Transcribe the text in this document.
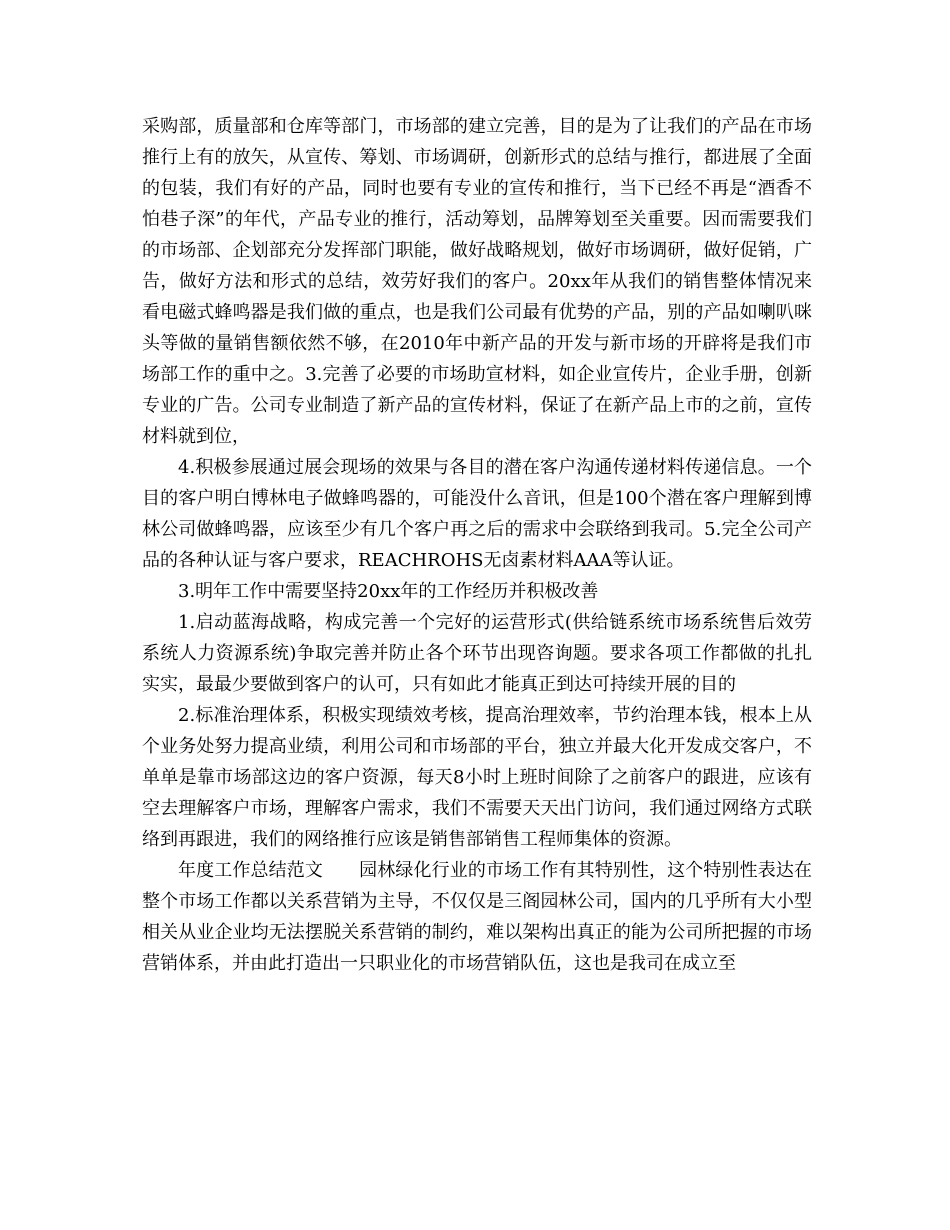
采购部，质量部和仓库等部门，市场部的建立完善，目的是为了让我们的产品在市场推行上有的放矢，从宣传、筹划、市场调研，创新形式的总结与推行，都进展了全面的包装，我们有好的产品，同时也要有专业的宣传和推行，当下已经不再是“酒香不怕巷子深”的年代，产品专业的推行，活动筹划，品牌筹划至关重要。因而需要我们的市场部、企划部充分发挥部门职能，做好战略规划，做好市场调研，做好促销，广告，做好方法和形式的总结，效劳好我们的客户。20xx年从我们的销售整体情况来看电磁式蜂鸣器是我们做的重点，也是我们公司最有优势的产品，别的产品如喇叭咪头等做的量销售额依然不够，在2010年中新产品的开发与新市场的开辟将是我们市场部工作的重中之。3.完善了必要的市场助宣材料，如企业宣传片，企业手册，创新专业的广告。公司专业制造了新产品的宣传材料，保证了在新产品上市的之前，宣传材料就到位，

4.积极参展通过展会现场的效果与各目的潜在客户沟通传递材料传递信息。一个目的客户明白博林电子做蜂鸣器的，可能没什么音讯，但是100个潜在客户理解到博林公司做蜂鸣器，应该至少有几个客户再之后的需求中会联络到我司。5.完全公司产品的各种认证与客户要求，REACHROHS无卤素材料AAA等认证。

3.明年工作中需要坚持20xx年的工作经历并积极改善

1.启动蓝海战略，构成完善一个完好的运营形式(供给链系统市场系统售后效劳系统人力资源系统)争取完善并防止各个环节出现咨询题。要求各项工作都做的扎扎实实，最最少要做到客户的认可，只有如此才能真正到达可持续开展的目的

2.标准治理体系，积极实现绩效考核，提高治理效率，节约治理本钱，根本上从个业务处努力提高业绩，利用公司和市场部的平台，独立并最大化开发成交客户，不单单是靠市场部这边的客户资源，每天8小时上班时间除了之前客户的跟进，应该有空去理解客户市场，理解客户需求，我们不需要天天出门访问，我们通过网络方式联络到再跟进，我们的网络推行应该是销售部销售工程师集体的资源。

年度工作总结范文　　园林绿化行业的市场工作有其特别性，这个特别性表达在整个市场工作都以关系营销为主导，不仅仅是三阁园林公司，国内的几乎所有大小型相关从业企业均无法摆脱关系营销的制约，难以架构出真正的能为公司所把握的市场营销体系，并由此打造出一只职业化的市场营销队伍，这也是我司在成立至
